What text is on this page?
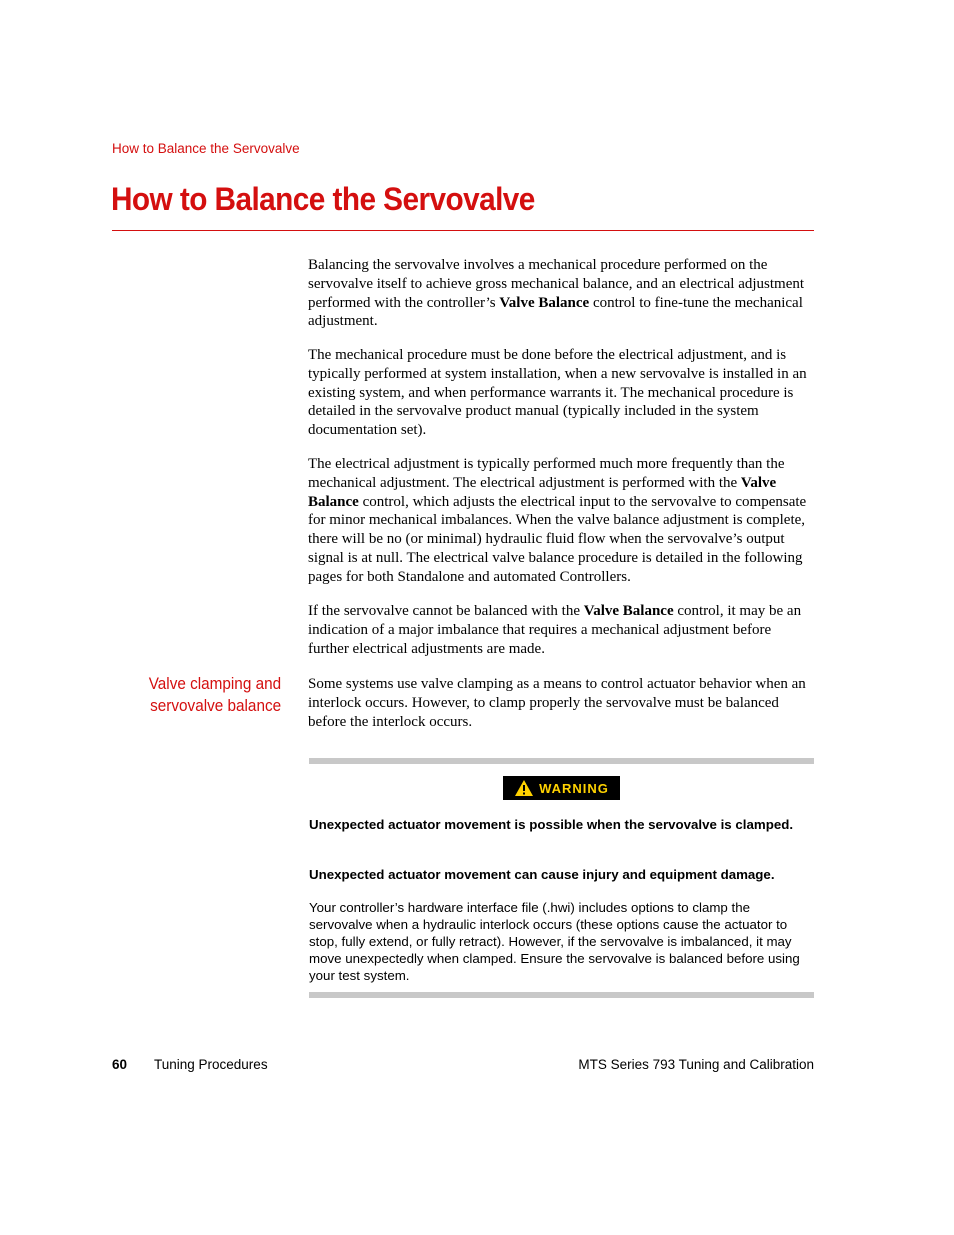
How to Balance the Servovalve
How to Balance the Servovalve

Balancing the servovalve involves a mechanical procedure performed on the servovalve itself to achieve gross mechanical balance, and an electrical adjustment performed with the controller’s Valve Balance control to fine-tune the mechanical adjustment.

The mechanical procedure must be done before the electrical adjustment, and is typically performed at system installation, when a new servovalve is installed in an existing system, and when performance warrants it. The mechanical procedure is detailed in the servovalve product manual (typically included in the system documentation set).

The electrical adjustment is typically performed much more frequently than the mechanical adjustment. The electrical adjustment is performed with the Valve Balance control, which adjusts the electrical input to the servovalve to compensate for minor mechanical imbalances. When the valve balance adjustment is complete, there will be no (or minimal) hydraulic fluid flow when the servovalve’s output signal is at null. The electrical valve balance procedure is detailed in the following pages for both Standalone and automated Controllers.

If the servovalve cannot be balanced with the Valve Balance control, it may be an indication of a major imbalance that requires a mechanical adjustment before further electrical adjustments are made.

Valve clamping and
servovalve balance

Some systems use valve clamping as a means to control actuator behavior when an interlock occurs. However, to clamp properly the servovalve must be balanced before the interlock occurs.

WARNING
Unexpected actuator movement is possible when the servovalve is clamped.
Unexpected actuator movement can cause injury and equipment damage.
Your controller’s hardware interface file (.hwi) includes options to clamp the servovalve when a hydraulic interlock occurs (these options cause the actuator to stop, fully extend, or fully retract). However, if the servovalve is imbalanced, it may move unexpectedly when clamped. Ensure the servovalve is balanced before using your test system.
60 Tuning Procedures	MTS Series 793 Tuning and Calibration
